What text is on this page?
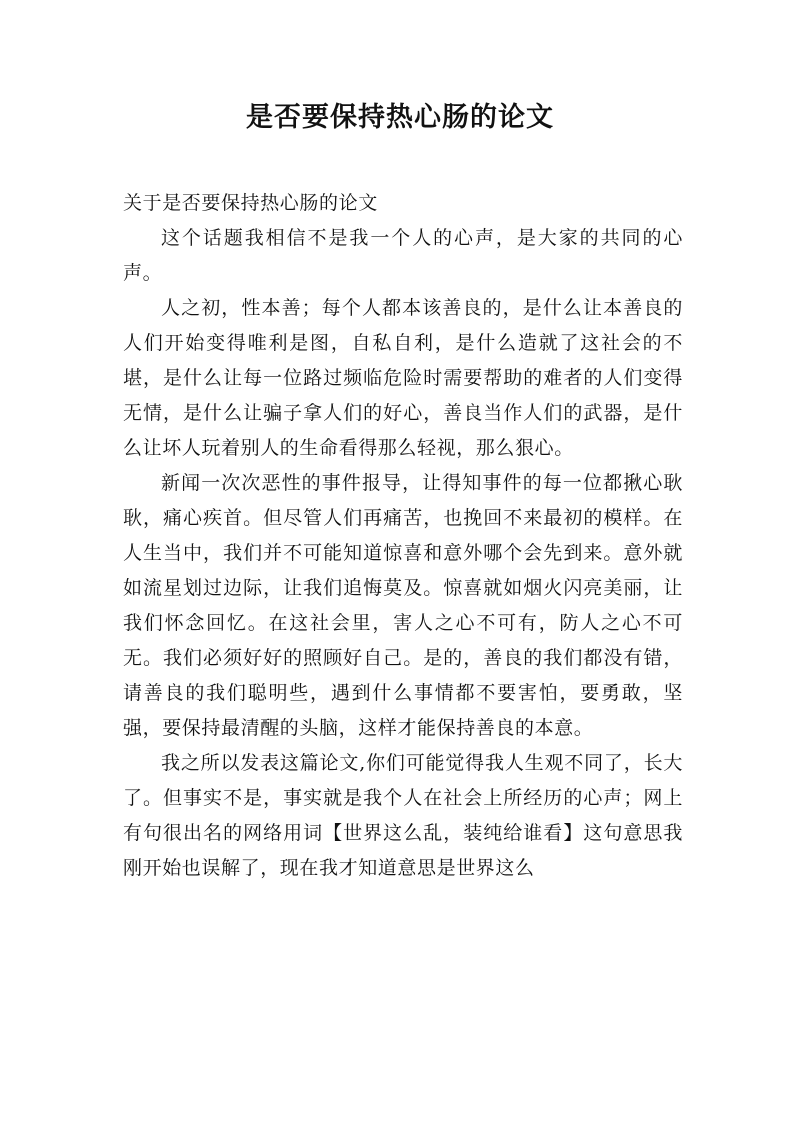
是否要保持热心肠的论文

关于是否要保持热心肠的论文

这个话题我相信不是我一个人的心声，是大家的共同的心声。

人之初，性本善；每个人都本该善良的，是什么让本善良的人们开始变得唯利是图，自私自利，是什么造就了这社会的不堪，是什么让每一位路过频临危险时需要帮助的难者的人们变得无情，是什么让骗子拿人们的好心，善良当作人们的武器，是什么让坏人玩着别人的生命看得那么轻视，那么狠心。

新闻一次次恶性的事件报导，让得知事件的每一位都揪心耿耿，痛心疾首。但尽管人们再痛苦，也挽回不来最初的模样。在人生当中，我们并不可能知道惊喜和意外哪个会先到来。意外就如流星划过边际，让我们追悔莫及。惊喜就如烟火闪亮美丽，让我们怀念回忆。在这社会里，害人之心不可有，防人之心不可无。我们必须好好的照顾好自己。是的，善良的我们都没有错，请善良的我们聪明些，遇到什么事情都不要害怕，要勇敢，坚强，要保持最清醒的头脑，这样才能保持善良的本意。

我之所以发表这篇论文,你们可能觉得我人生观不同了，长大了。但事实不是，事实就是我个人在社会上所经历的心声；网上有句很出名的网络用词【世界这么乱，装纯给谁看】这句意思我刚开始也误解了，现在我才知道意思是世界这么
